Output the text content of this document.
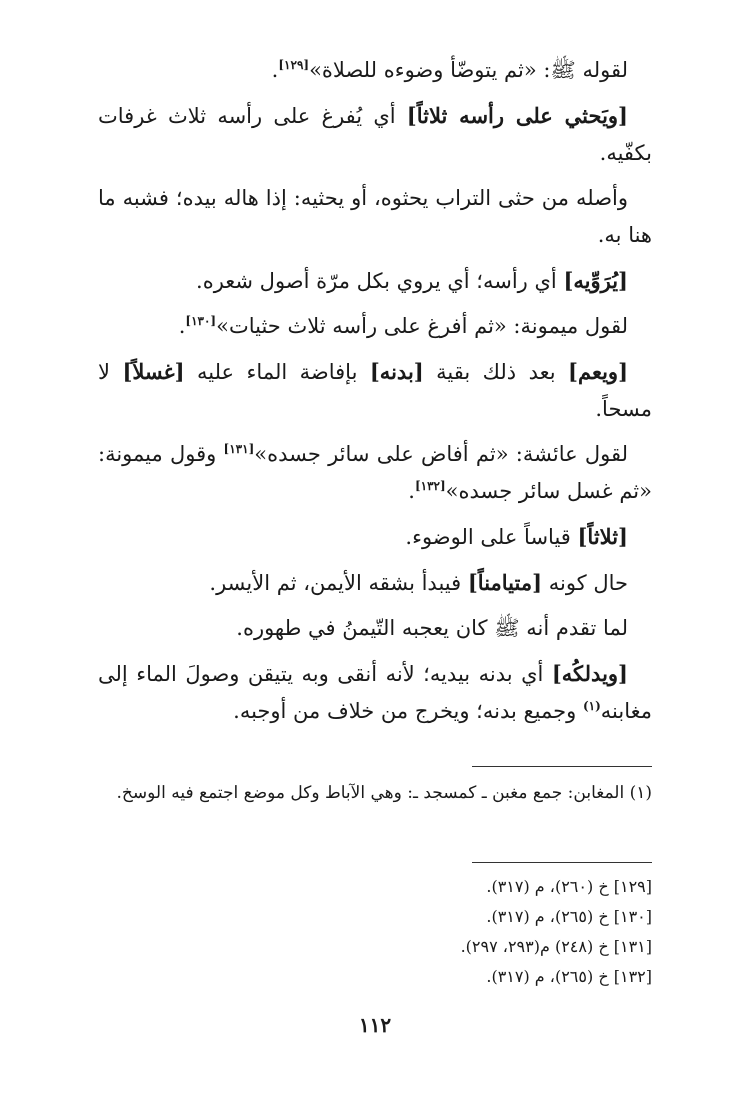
لقوله ﷺ: «ثم يتوضّأ وضوءه للصلاة»[١٢٩].

[ويَحثي على رأسه ثلاثاً] أي يُفرغ على رأسه ثلاث غرفات بكفّيه.

وأصله من حثى التراب يحثوه، أو يحثيه: إذا هاله بيده؛ فشبه ما هنا به.

[يُرَوِّيه] أي رأسه؛ أي يروي بكل مرّة أصول شعره.

لقول ميمونة: «ثم أفرغ على رأسه ثلاث حثيات»[١٣٠].

[ويعم] بعد ذلك بقية [بدنه] بإفاضة الماء عليه [غسلاً] لا مسحاً.

لقول عائشة: «ثم أفاض على سائر جسده»[١٣١] وقول ميمونة: «ثم غسل سائر جسده»[١٣٢].

[ثلاثاً] قياساً على الوضوء.

حال كونه [متيامناً] فيبدأ بشقه الأيمن، ثم الأيسر.

لما تقدم أنه ﷺ كان يعجبه التّيمنُ في طهوره.

[ويدلكُه] أي بدنه بيديه؛ لأنه أنقى وبه يتيقن وصولَ الماء إلى مغابنه$^{(١)}$ وجميع بدنه؛ ويخرج من خلاف من أوجبه.

(١) المغابن: جمع مغبن ـ كمسجد ـ: وهي الآباط وكل موضع اجتمع فيه الوسخ.

[١٢٩] خ (٢٦٠)، م (٣١٧).
[١٣٠] خ (٢٦٥)، م (٣١٧).
[١٣١] خ (٢٤٨) م(٢٩٣، ٢٩٧).
[١٣٢] خ (٢٦٥)، م (٣١٧).
١١٢
